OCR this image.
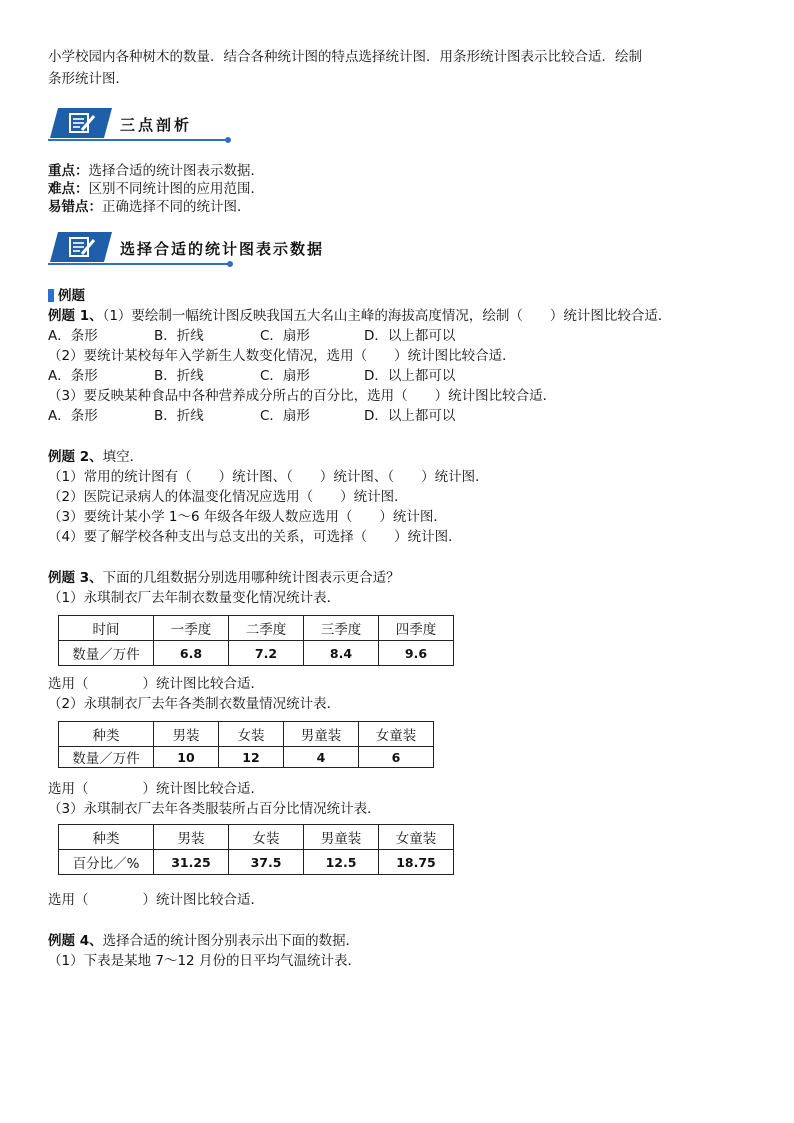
小学校园内各种树木的数量．结合各种统计图的特点选择统计图．用条形统计图表示比较合适．绘制
条形统计图．
三点剖析
重点：选择合适的统计图表示数据．
难点：区别不同统计图的应用范围．
易错点：正确选择不同的统计图．
选择合适的统计图表示数据
例题
例题 1、（1）要绘制一幅统计图反映我国五大名山主峰的海拔高度情况，绘制（　　）统计图比较合适．
A．条形	B．折线	C．扇形	D．以上都可以
（2）要统计某校每年入学新生人数变化情况，选用（　　）统计图比较合适．
A．条形	B．折线	C．扇形	D．以上都可以
（3）要反映某种食品中各种营养成分所占的百分比，选用（　　）统计图比较合适．
A．条形	B．折线	C．扇形	D．以上都可以
例题 2、填空．
（1）常用的统计图有（　　）统计图、（　　）统计图、（　　）统计图．
（2）医院记录病人的体温变化情况应选用（　　）统计图．
（3）要统计某小学 1～6 年级各年级人数应选用（　　）统计图．
（4）要了解学校各种支出与总支出的关系，可选择（　　）统计图．
例题 3、下面的几组数据分别选用哪种统计图表示更合适？
（1）永琪制衣厂去年制衣数量变化情况统计表．
时间	一季度	二季度	三季度	四季度
数量／万件	6.8	7.2	8.4	9.6
选用（　　　　）统计图比较合适．
（2）永琪制衣厂去年各类制衣数量情况统计表．
种类	男装	女装	男童装	女童装
数量／万件	10	12	4	6
选用（　　　　）统计图比较合适．
（3）永琪制衣厂去年各类服装所占百分比情况统计表．
种类	男装	女装	男童装	女童装
百分比／%	31.25	37.5	12.5	18.75
选用（　　　　）统计图比较合适．
例题 4、选择合适的统计图分别表示出下面的数据．
（1）下表是某地 7～12 月份的日平均气温统计表．
